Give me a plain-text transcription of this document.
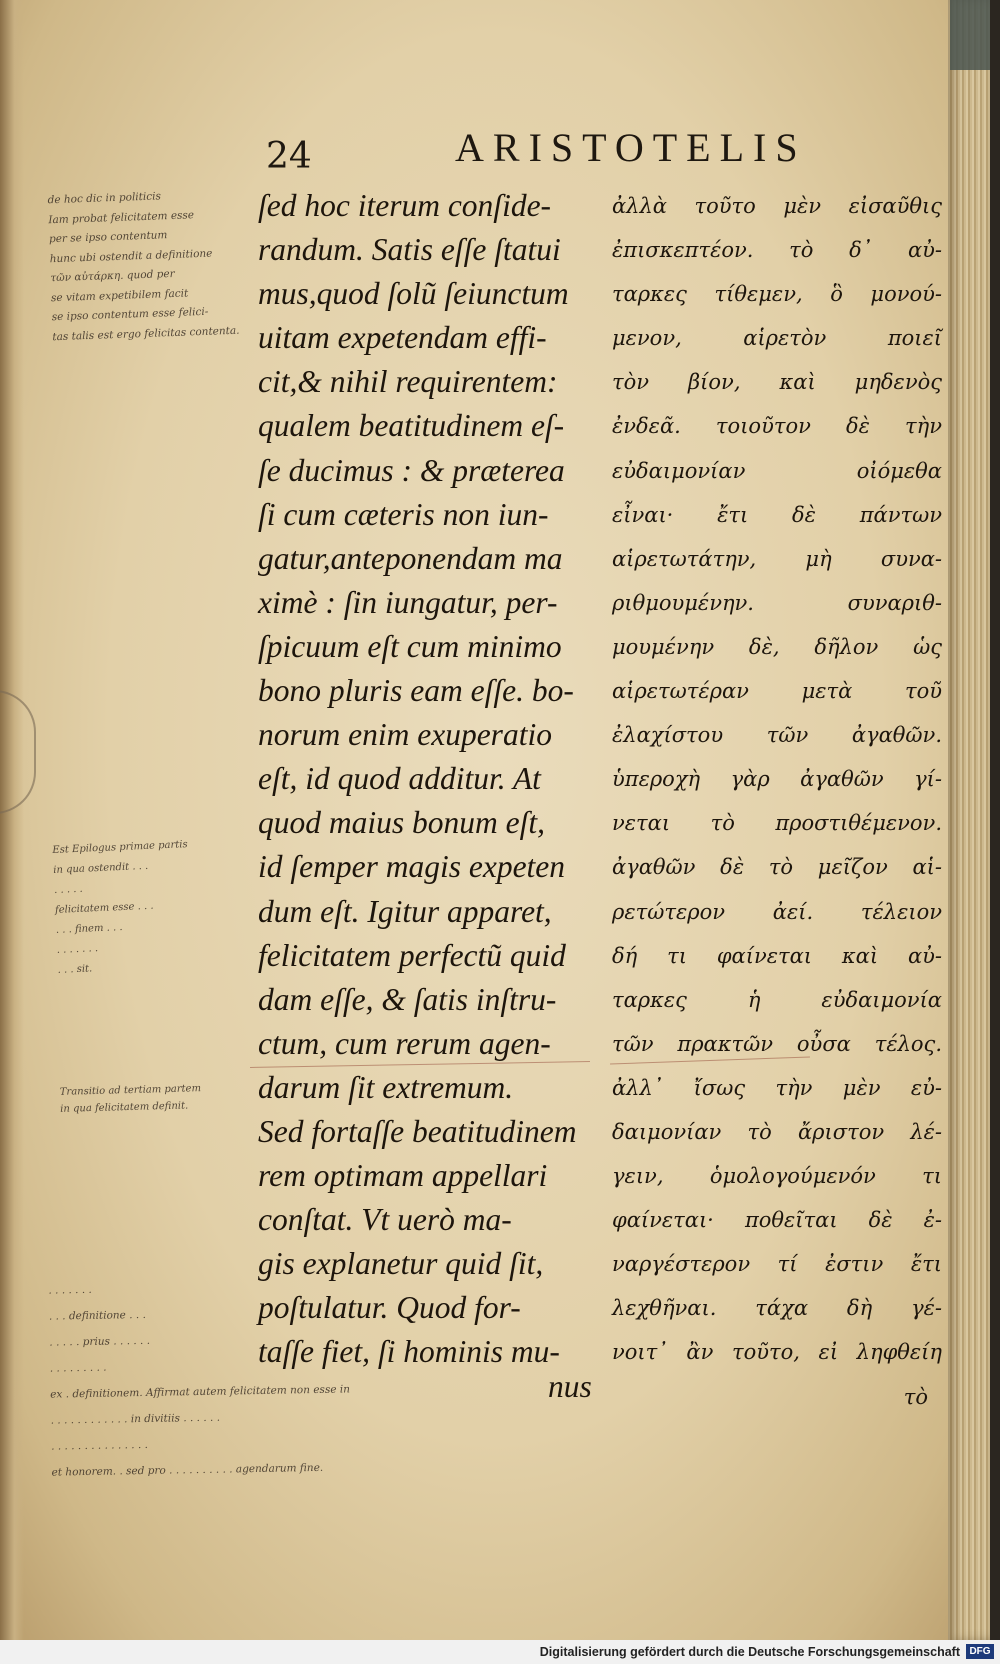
24	ARISTOTELIS
ſed hoc iterum conſide-
randum. Satis eſſe ſtatui
mus,quod ſolũ ſeiunctum
uitam expetendam effi-
cit,& nihil requirentem:
qualem beatitudinem eſ-
ſe ducimus : & præterea
ſi cum cæteris non iun-
gatur,anteponendam ma
ximè : ſin iungatur, per-
ſpicuum eſt cum minimo
bono pluris eam eſſe. bo-
norum enim exuperatio
eſt, id quod additur. At
quod maius bonum eſt,
id ſemper magis expeten
dum eſt. Igitur apparet,
felicitatem perfectũ quid
dam eſſe, & ſatis inſtru-
ctum, cum rerum agen-
darum ſit extremum.
Sed fortaſſe beatitudinem
rem optimam appellari
conſtat. Vt uerò ma-
gis explanetur quid ſit,
poſtulatur. Quod for-
taſſe fiet, ſi hominis mu-
nus
ἀλλὰ τοῦτο μὲν εἰσαῦθις
ἐπισκεπτέον. τὸ δ᾽ αὐ-
ταρκες τίθεμεν, ὃ μονού-
μενον, αἱρετὸν ποιεῖ
τὸν βίον, καὶ μηδενὸς
ἐνδεᾶ. τοιοῦτον δὲ τὴν
εὐδαιμονίαν οἰόμεθα
εἶναι· ἔτι δὲ πάντων
αἱρετωτάτην, μὴ συνα-
ριθμουμένην. συναριθ-
μουμένην δὲ, δῆλον ὡς
αἱρετωτέραν μετὰ τοῦ
ἐλαχίστου τῶν ἀγαθῶν.
ὑπεροχὴ γὰρ ἀγαθῶν γί-
νεται τὸ προστιθέμενον.
ἀγαθῶν δὲ τὸ μεῖζον αἱ-
ρετώτερον ἀεί. τέλειον
δή τι φαίνεται καὶ αὐ-
ταρκες ἡ εὐδαιμονία
τῶν πρακτῶν οὖσα τέλος.
ἀλλ᾽ ἴσως τὴν μὲν εὐ-
δαιμονίαν τὸ ἄριστον λέ-
γειν, ὁμολογούμενόν τι
φαίνεται· ποθεῖται δὲ ἐ-
ναργέστερον τί ἐστιν ἔτι
λεχθῆναι. τάχα δὴ γέ-
νοιτ᾽ ἂν τοῦτο, εἰ ληφθείη
τὸ
de hoc dic in politicis
Iam probat felicitatem esse
per se ipso contentum
hunc ubi ostendit a definitione
τῶν αὐτάρκη. quod per
se vitam expetibilem facit
se ipso contentum esse felici-
tas talis est ergo felicitas contenta.
Est Epilogus primae partis
in qua ostendit . . .
. . . . .
felicitatem esse . . .
. . . finem . . .
. . . . . . .
. . . sit.
Transitio ad tertiam partem
in qua felicitatem definit.
. . . . . . .
. . . definitione . . .
. . . . . prius . . . . . .
. . . . . . . . .
ex . definitionem. Affirmat autem felicitatem non esse in
. . . . . . . . . . . . in divitiis . . . . . .
. . . . . . . . . . . . . . .
et honorem. . sed pro . . . . . . . . . . agendarum fine.
Digitalisierung gefördert durch die Deutsche Forschungsgemeinschaft DFG
